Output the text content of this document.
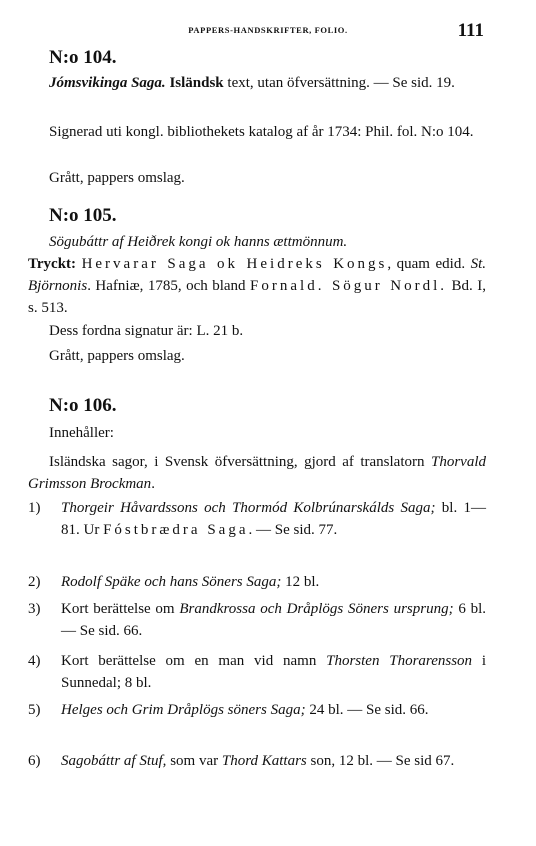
PAPPERS-HANDSKRIFTER, FOLIO.	111

N:o 104.

Jómsvikinga Saga. Isländsk text, utan öfversättning. — Se sid. 19.

Signerad uti kongl. bibliothekets katalog af år 1734: Phil. fol. N:o 104.

Grått, pappers omslag.

N:o 105.

Sögubáttr af Heiðrek kongi ok hanns ættmönnum.

Tryckt: Hervarar Saga ok Heidreks Kongs, quam edid. St. Björnonis. Hafniæ, 1785, och bland Fornald. Sögur Nordl. Bd. I, s. 513.

Dess fordna signatur är: L. 21 b.

Grått, pappers omslag.

N:o 106.

Innehåller:

Isländska sagor, i Svensk öfversättning, gjord af translatorn Thorvald Grimsson Brockman.

1)	Thorgeir Håvardssons och Thormód Kolbrúnarskálds Saga; bl. 1—81. Ur Fóstbrædra Saga. — Se sid. 77.
2)	Rodolf Späke och hans Söners Saga; 12 bl.
3)	Kort berättelse om Brandkrossa och Dråplögs Söners ursprung; 6 bl. — Se sid. 66.
4)	Kort berättelse om en man vid namn Thorsten Thorarensson i Sunnedal; 8 bl.
5)	Helges och Grim Dråplögs söners Saga; 24 bl. — Se sid. 66.
6)	Sagobáttr af Stuf, som var Thord Kattars son, 12 bl. — Se sid 67.
